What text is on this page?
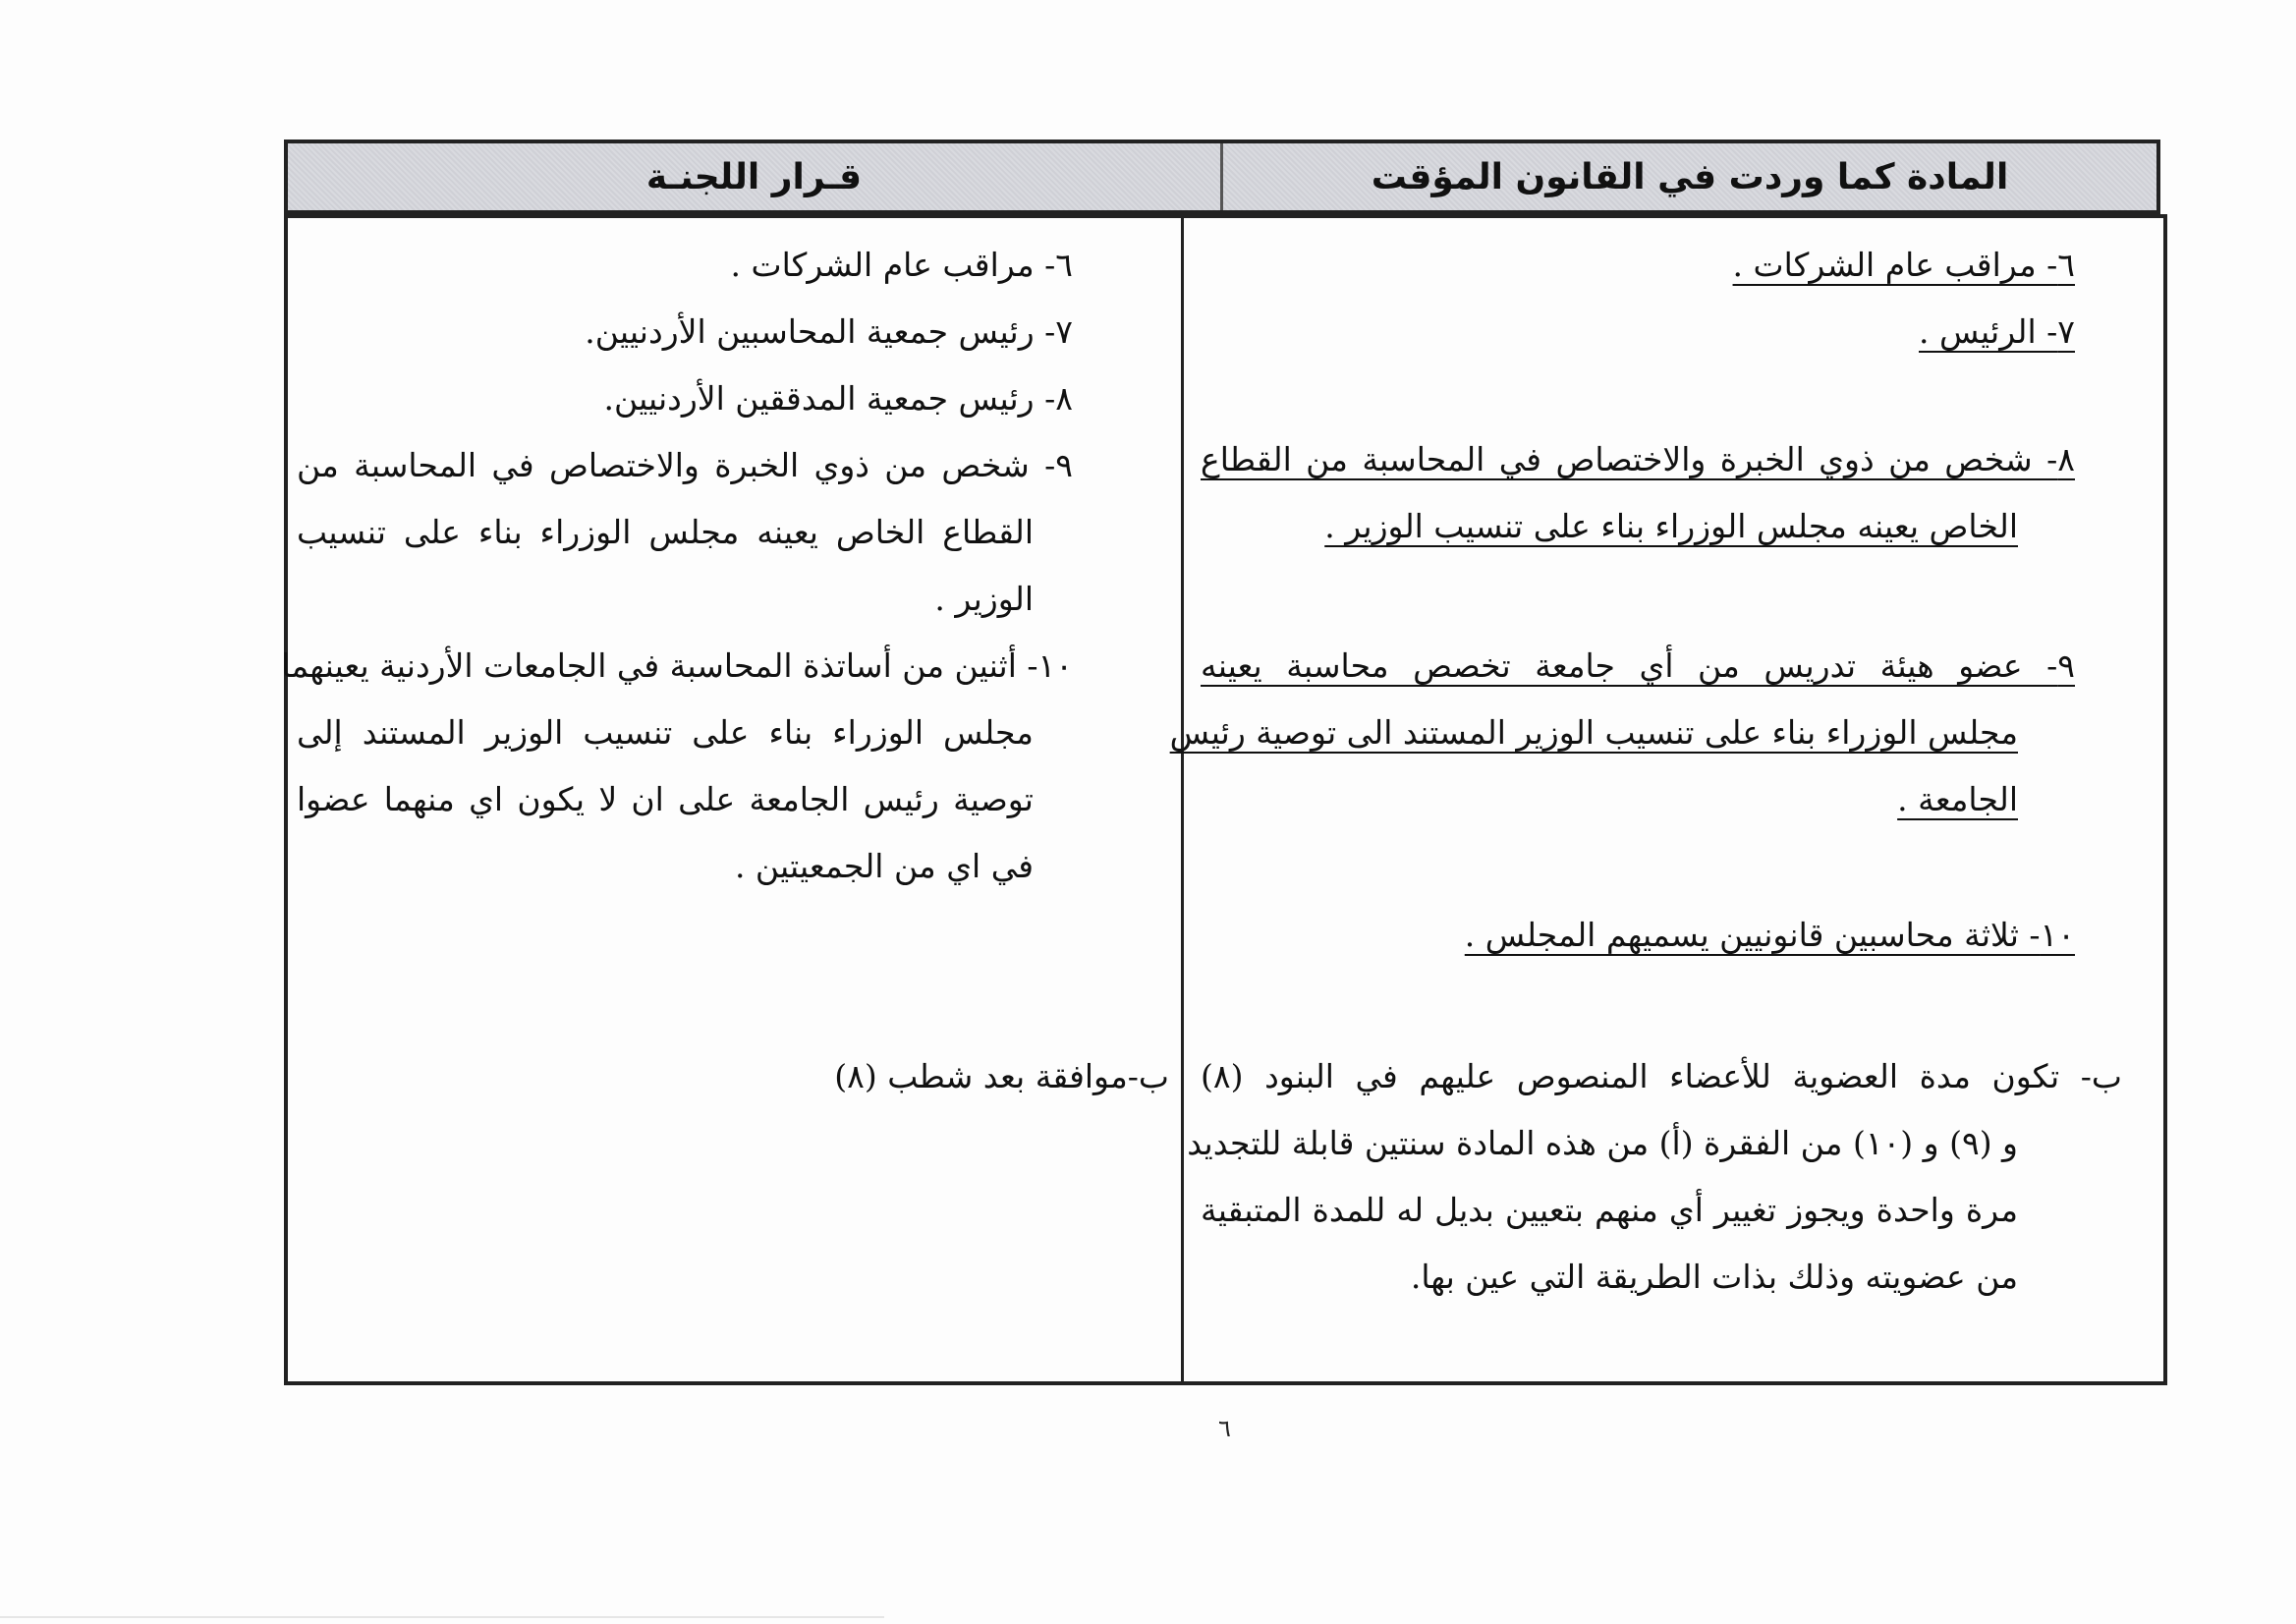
المادة كما وردت في القانون المؤقت
قـرار اللجنـة
٦- مراقب عام الشركات .
٧- الرئيس .
٨- شخص من ذوي الخبرة والاختصاص في المحاسبة من القطاع
الخاص يعينه مجلس الوزراء بناء على تنسيب الوزير .
٩- عضو هيئة تدريس من أي جامعة تخصص محاسبة يعينه
مجلس الوزراء بناء على تنسيب الوزير المستند الى توصية رئيس
الجامعة .
١٠- ثلاثة محاسبين قانونيين يسميهم المجلس .
ب- تكون مدة العضوية للأعضاء المنصوص عليهم في البنود (٨)
و (٩) و (١٠) من الفقرة (أ) من هذه المادة سنتين قابلة للتجديد
مرة واحدة ويجوز تغيير أي منهم بتعيين بديل له للمدة المتبقية
من عضويته وذلك بذات الطريقة التي عين بها.
٦- مراقب عام الشركات .
٧- رئيس جمعية المحاسبين الأردنيين.
٨- رئيس جمعية المدققين الأردنيين.
٩- شخص من ذوي الخبرة والاختصاص في المحاسبة من
القطاع الخاص يعينه مجلس الوزراء بناء على تنسيب
الوزير .
١٠- أثنين من أساتذة المحاسبة في الجامعات الأردنية يعينهما
مجلس الوزراء بناء على تنسيب الوزير المستند إلى
توصية رئيس الجامعة على ان لا يكون اي منهما عضوا
في اي من الجمعيتين .
ب-موافقة بعد شطب (٨)
٦
